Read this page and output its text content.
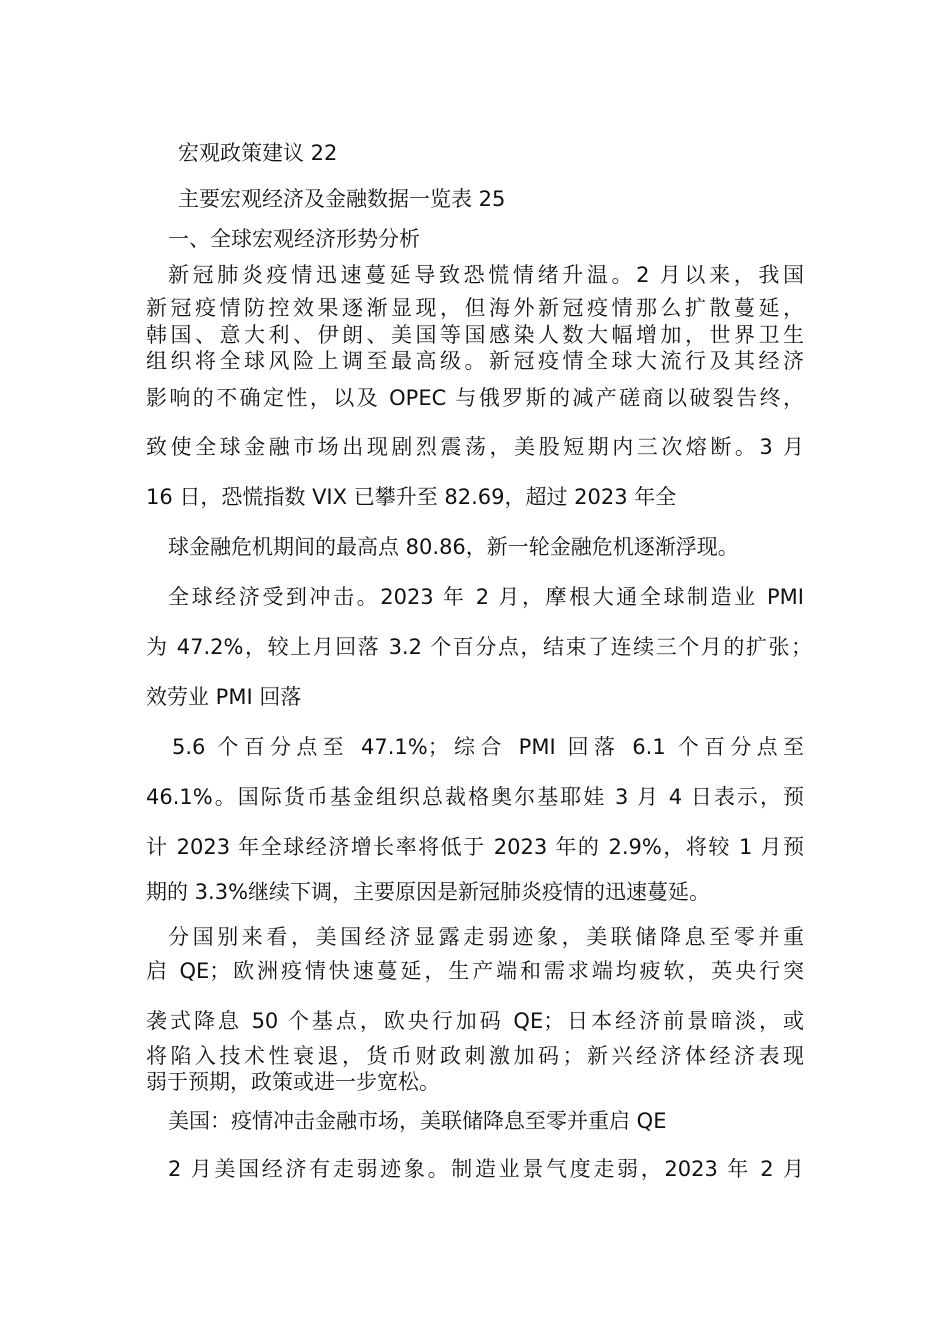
宏观政策建议 22
主要宏观经济及金融数据一览表 25
一、全球宏观经济形势分析
新冠肺炎疫情迅速蔓延导致恐慌情绪升温。2 月以来，我国
新冠疫情防控效果逐渐显现，但海外新冠疫情那么扩散蔓延，
韩国、意大利、伊朗、美国等国感染人数大幅增加，世界卫生
组织将全球风险上调至最高级。新冠疫情全球大流行及其经济
影响的不确定性，以及 OPEC 与俄罗斯的减产磋商以破裂告终，
致使全球金融市场出现剧烈震荡，美股短期内三次熔断。3 月
16 日，恐慌指数 VIX 已攀升至 82.69，超过 2023 年全
球金融危机期间的最高点 80.86，新一轮金融危机逐渐浮现。
全球经济受到冲击。2023 年 2 月，摩根大通全球制造业 PMI
为 47.2%，较上月回落 3.2 个百分点，结束了连续三个月的扩张；
效劳业 PMI 回落
5.6 个百分点至 47.1%；综合 PMI 回落 6.1 个百分点至
46.1%。国际货币基金组织总裁格奥尔基耶娃 3 月 4 日表示，预
计 2023 年全球经济增长率将低于 2023 年的 2.9%，将较 1 月预
期的 3.3%继续下调，主要原因是新冠肺炎疫情的迅速蔓延。
分国别来看，美国经济显露走弱迹象，美联储降息至零并重
启 QE；欧洲疫情快速蔓延，生产端和需求端均疲软，英央行突
袭式降息 50 个基点，欧央行加码 QE；日本经济前景暗淡，或
将陷入技术性衰退，货币财政刺激加码；新兴经济体经济表现
弱于预期，政策或进一步宽松。
美国：疫情冲击金融市场，美联储降息至零并重启 QE
2 月美国经济有走弱迹象。制造业景气度走弱，2023 年 2 月
